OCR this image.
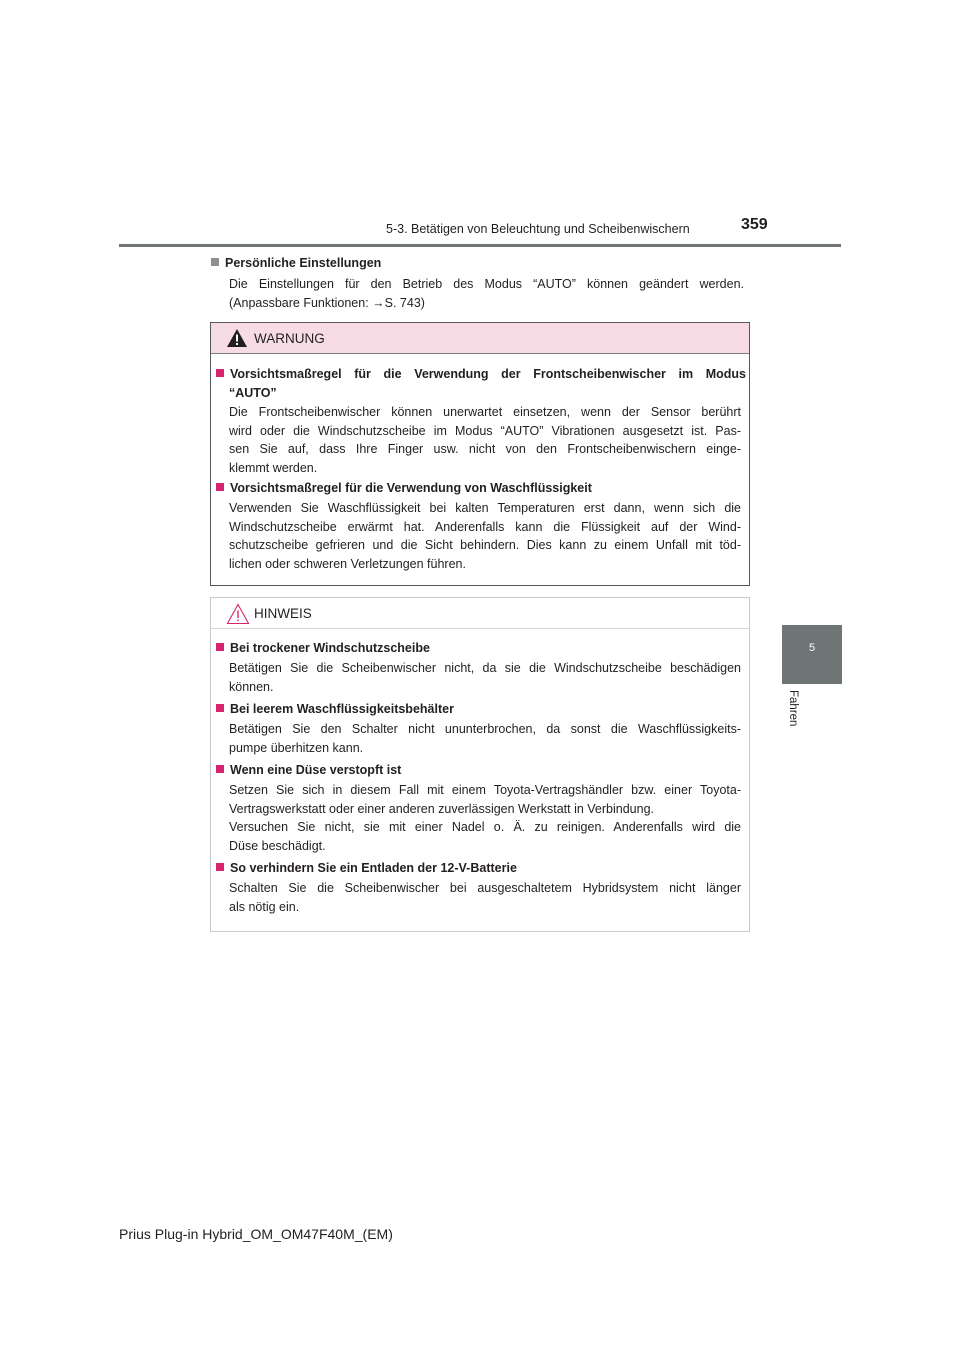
5-3. Betätigen von Beleuchtung und Scheibenwischern	359
5
Fahren
Persönliche Einstellungen
Die Einstellungen für den Betrieb des Modus “AUTO” können geändert werden.
(Anpassbare Funktionen: →S. 743)
WARNUNG
Vorsichtsmaßregel für die Verwendung der Frontscheibenwischer im Modus
“AUTO”
Die Frontscheibenwischer können unerwartet einsetzen, wenn der Sensor berührt
wird oder die Windschutzscheibe im Modus “AUTO” Vibrationen ausgesetzt ist. Pas-
sen Sie auf, dass Ihre Finger usw. nicht von den Frontscheibenwischern einge-
klemmt werden.
Vorsichtsmaßregel für die Verwendung von Waschflüssigkeit
Verwenden Sie Waschflüssigkeit bei kalten Temperaturen erst dann, wenn sich die
Windschutzscheibe erwärmt hat. Anderenfalls kann die Flüssigkeit auf der Wind-
schutzscheibe gefrieren und die Sicht behindern. Dies kann zu einem Unfall mit töd-
lichen oder schweren Verletzungen führen.
HINWEIS
Bei trockener Windschutzscheibe
Betätigen Sie die Scheibenwischer nicht, da sie die Windschutzscheibe beschädigen
können.
Bei leerem Waschflüssigkeitsbehälter
Betätigen Sie den Schalter nicht ununterbrochen, da sonst die Waschflüssigkeits-
pumpe überhitzen kann.
Wenn eine Düse verstopft ist
Setzen Sie sich in diesem Fall mit einem Toyota-Vertragshändler bzw. einer Toyota-
Vertragswerkstatt oder einer anderen zuverlässigen Werkstatt in Verbindung.
Versuchen Sie nicht, sie mit einer Nadel o. Ä. zu reinigen. Anderenfalls wird die
Düse beschädigt.
So verhindern Sie ein Entladen der 12-V-Batterie
Schalten Sie die Scheibenwischer bei ausgeschaltetem Hybridsystem nicht länger
als nötig ein.
Prius Plug-in Hybrid_OM_OM47F40M_(EM)
